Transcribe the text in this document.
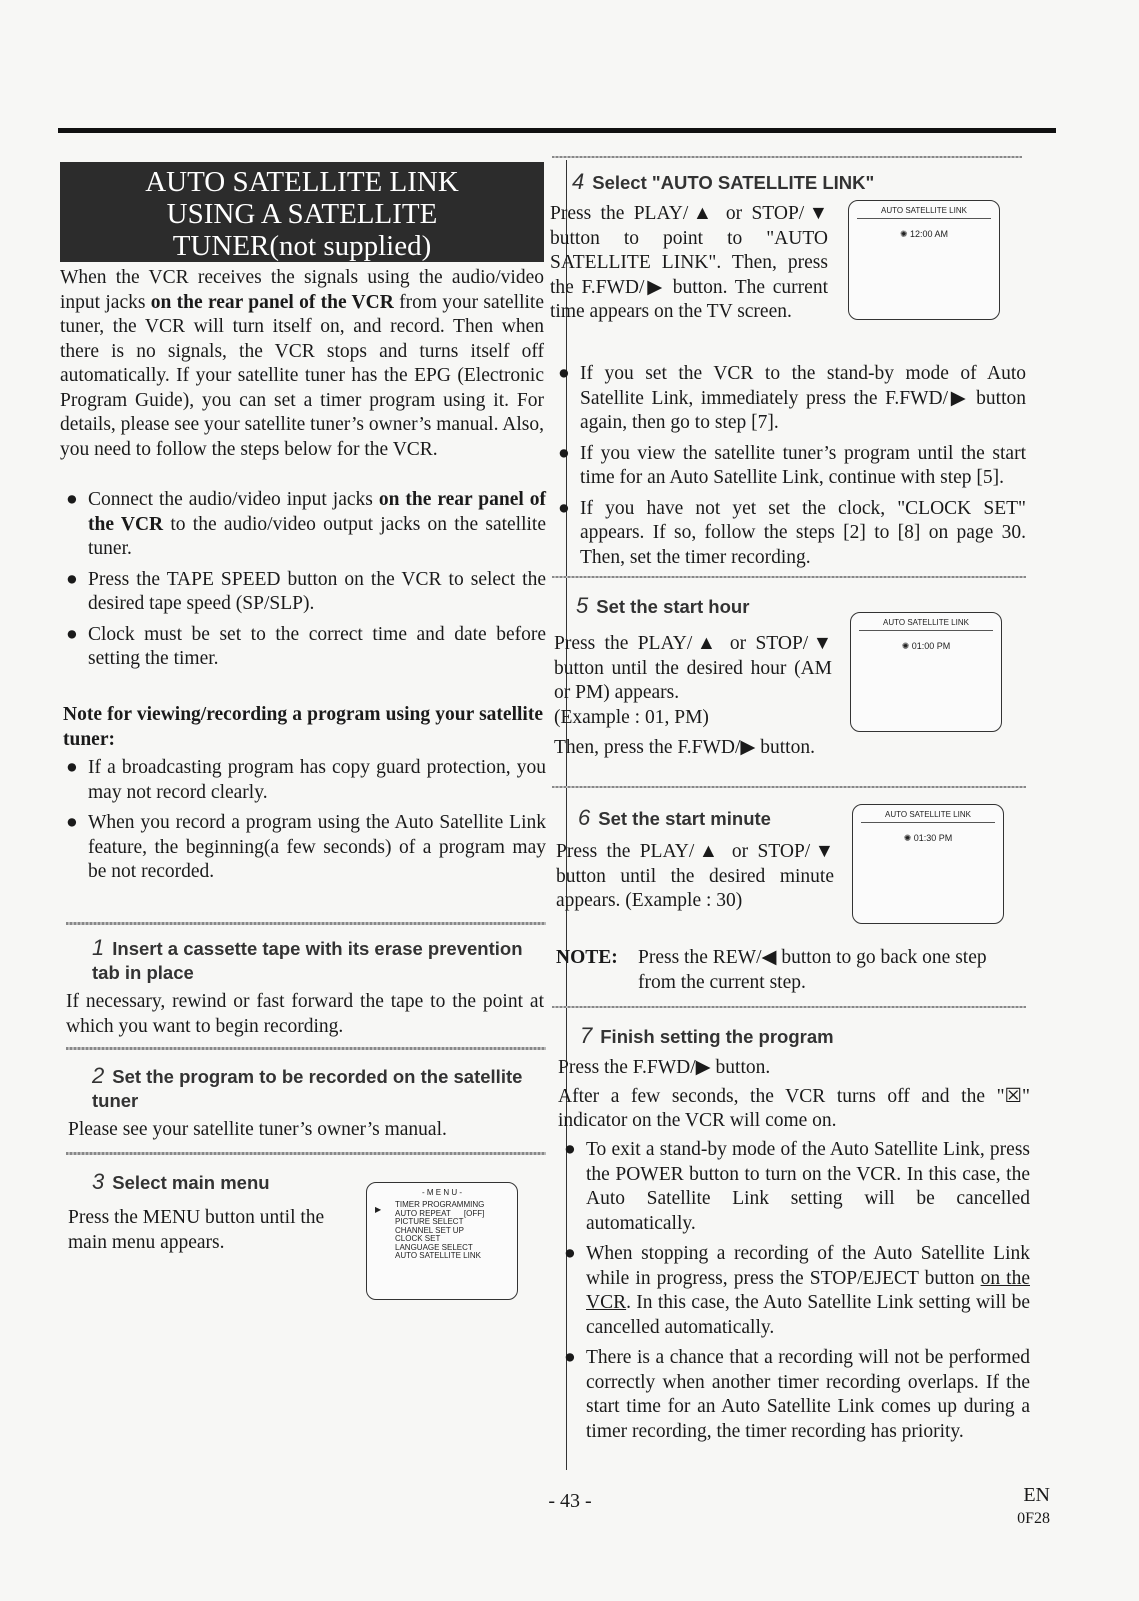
AUTO SATELLITE LINK
USING A SATELLITE
TUNER(not supplied)
When the VCR receives the signals using the audio/video input jacks on the rear panel of the VCR from your satellite tuner, the VCR will turn itself on, and record. Then when there is no signals, the VCR stops and turns itself off automatically. If your satellite tuner has the EPG (Electronic Program Guide), you can set a timer program using it. For details, please see your satellite tuner’s owner’s manual. Also, you need to follow the steps below for the VCR.
● Connect the audio/video input jacks on the rear panel of the VCR to the audio/video output jacks on the satellite tuner.
● Press the TAPE SPEED button on the VCR to select the desired tape speed (SP/SLP).
● Clock must be set to the correct time and date before setting the timer.
Note for viewing/recording a program using your satellite tuner:
● If a broadcasting program has copy guard protection, you may not record clearly.
● When you record a program using the Auto Satellite Link feature, the beginning(a few seconds) of a program may be not recorded.
1 Insert a cassette tape with its erase prevention tab in place
If necessary, rewind or fast forward the tape to the point at which you want to begin recording.
2 Set the program to be recorded on the satellite tuner
Please see your satellite tuner’s owner’s manual.
3 Select main menu
Press the MENU button until the main menu appears.
- M E N U -
▶
TIMER PROGRAMMING
AUTO REPEAT      [OFF]
PICTURE SELECT
CHANNEL SET UP
CLOCK SET
LANGUAGE SELECT
AUTO SATELLITE LINK
4 Select "AUTO SATELLITE LINK"
Press the PLAY/▲ or STOP/▼ button to point to "AUTO SATELLITE LINK". Then, press the F.FWD/▶ button. The current time appears on the TV screen.
AUTO SATELLITE LINK
✺ 12:00 AM
● If you set the VCR to the stand-by mode of Auto Satellite Link, immediately press the F.FWD/▶ button again, then go to step [7].
● If you view the satellite tuner’s program until the start time for an Auto Satellite Link, continue with step [5].
● If you have not yet set the clock, "CLOCK SET" appears. If so, follow the steps [2] to [8] on page 30. Then, set the timer recording.
5 Set the start hour
Press the PLAY/▲ or STOP/▼ button until the desired hour (AM or PM) appears.
(Example : 01, PM)
Then, press the F.FWD/▶ button.
AUTO SATELLITE LINK
✺ 01:00 PM
6 Set the start minute
Press the PLAY/▲ or STOP/▼ button until the desired minute appears. (Example : 30)
AUTO SATELLITE LINK
✺ 01:30 PM
NOTE:	Press the REW/◀ button to go back one step from the current step.
7 Finish setting the program
Press the F.FWD/▶ button.
After a few seconds, the VCR turns off and the "☒" indicator on the VCR will come on.
● To exit a stand-by mode of the Auto Satellite Link, press the POWER button to turn on the VCR. In this case, the Auto Satellite Link setting will be cancelled automatically.
● When stopping a recording of the Auto Satellite Link while in progress, press the STOP/EJECT button on the VCR. In this case, the Auto Satellite Link setting will be cancelled automatically.
● There is a chance that a recording will not be performed correctly when another timer recording overlaps. If the start time for an Auto Satellite Link comes up during a timer recording, the timer recording has priority.
- 43 -	EN
0F28
